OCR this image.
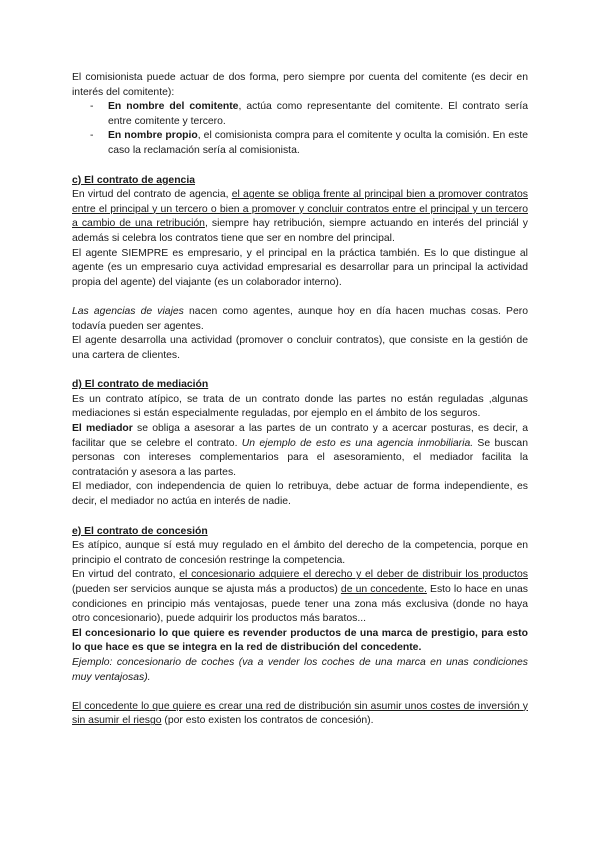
El comisionista puede actuar de dos forma, pero siempre por cuenta del comitente (es decir en interés del comitente):

- En nombre del comitente, actúa como representante del comitente. El contrato sería entre comitente y tercero.
- En nombre propio, el comisionista compra para el comitente y oculta la comisión. En este caso la reclamación sería al comisionista.

c) El contrato de agencia

En virtud del contrato de agencia, el agente se obliga frente al principal bien a promover contratos entre el principal y un tercero o bien a promover y concluir contratos entre el principal y un tercero a cambio de una retribución, siempre hay retribución, siempre actuando en interés del princiál y además si celebra los contratos tiene que ser en nombre del principal.

El agente SIEMPRE es empresario, y el principal en la práctica también. Es lo que distingue al agente (es un empresario cuya actividad empresarial es desarrollar para un principal la actividad propia del agente) del viajante (es un colaborador interno).

Las agencias de viajes nacen como agentes, aunque hoy en día hacen muchas cosas. Pero todavía pueden ser agentes.

El agente desarrolla una actividad (promover o concluir contratos), que consiste en la gestión de una cartera de clientes.

d) El contrato de mediación

Es un contrato atípico, se trata de un contrato donde las partes no están reguladas ,algunas mediaciones si están especialmente reguladas, por ejemplo en el ámbito de los seguros.

El mediador se obliga a asesorar a las partes de un contrato y a acercar posturas, es decir, a facilitar que se celebre el contrato. Un ejemplo de esto es una agencia inmobiliaria. Se buscan personas con intereses complementarios para el asesoramiento, el mediador facilita la contratación y asesora a las partes.

El mediador, con independencia de quien lo retribuya, debe actuar de forma independiente, es decir, el mediador no actúa en interés de nadie.

e) El contrato de concesión

Es atípico, aunque sí está muy regulado en el ámbito del derecho de la competencia, porque en principio el contrato de concesión restringe la competencia.

En virtud del contrato, el concesionario adquiere el derecho y el deber de distribuir los productos (pueden ser servicios aunque se ajusta más a productos) de un concedente. Esto lo hace en unas condiciones en principio más ventajosas, puede tener una zona más exclusiva (donde no haya otro concesionario), puede adquirir los productos más baratos...

El concesionario lo que quiere es revender productos de una marca de prestigio, para esto lo que hace es que se integra en la red de distribución del concedente.

Ejemplo: concesionario de coches (va a vender los coches de una marca en unas condiciones muy ventajosas).

El concedente lo que quiere es crear una red de distribución sin asumir unos costes de inversión y sin asumir el riesgo (por esto existen los contratos de concesión).
